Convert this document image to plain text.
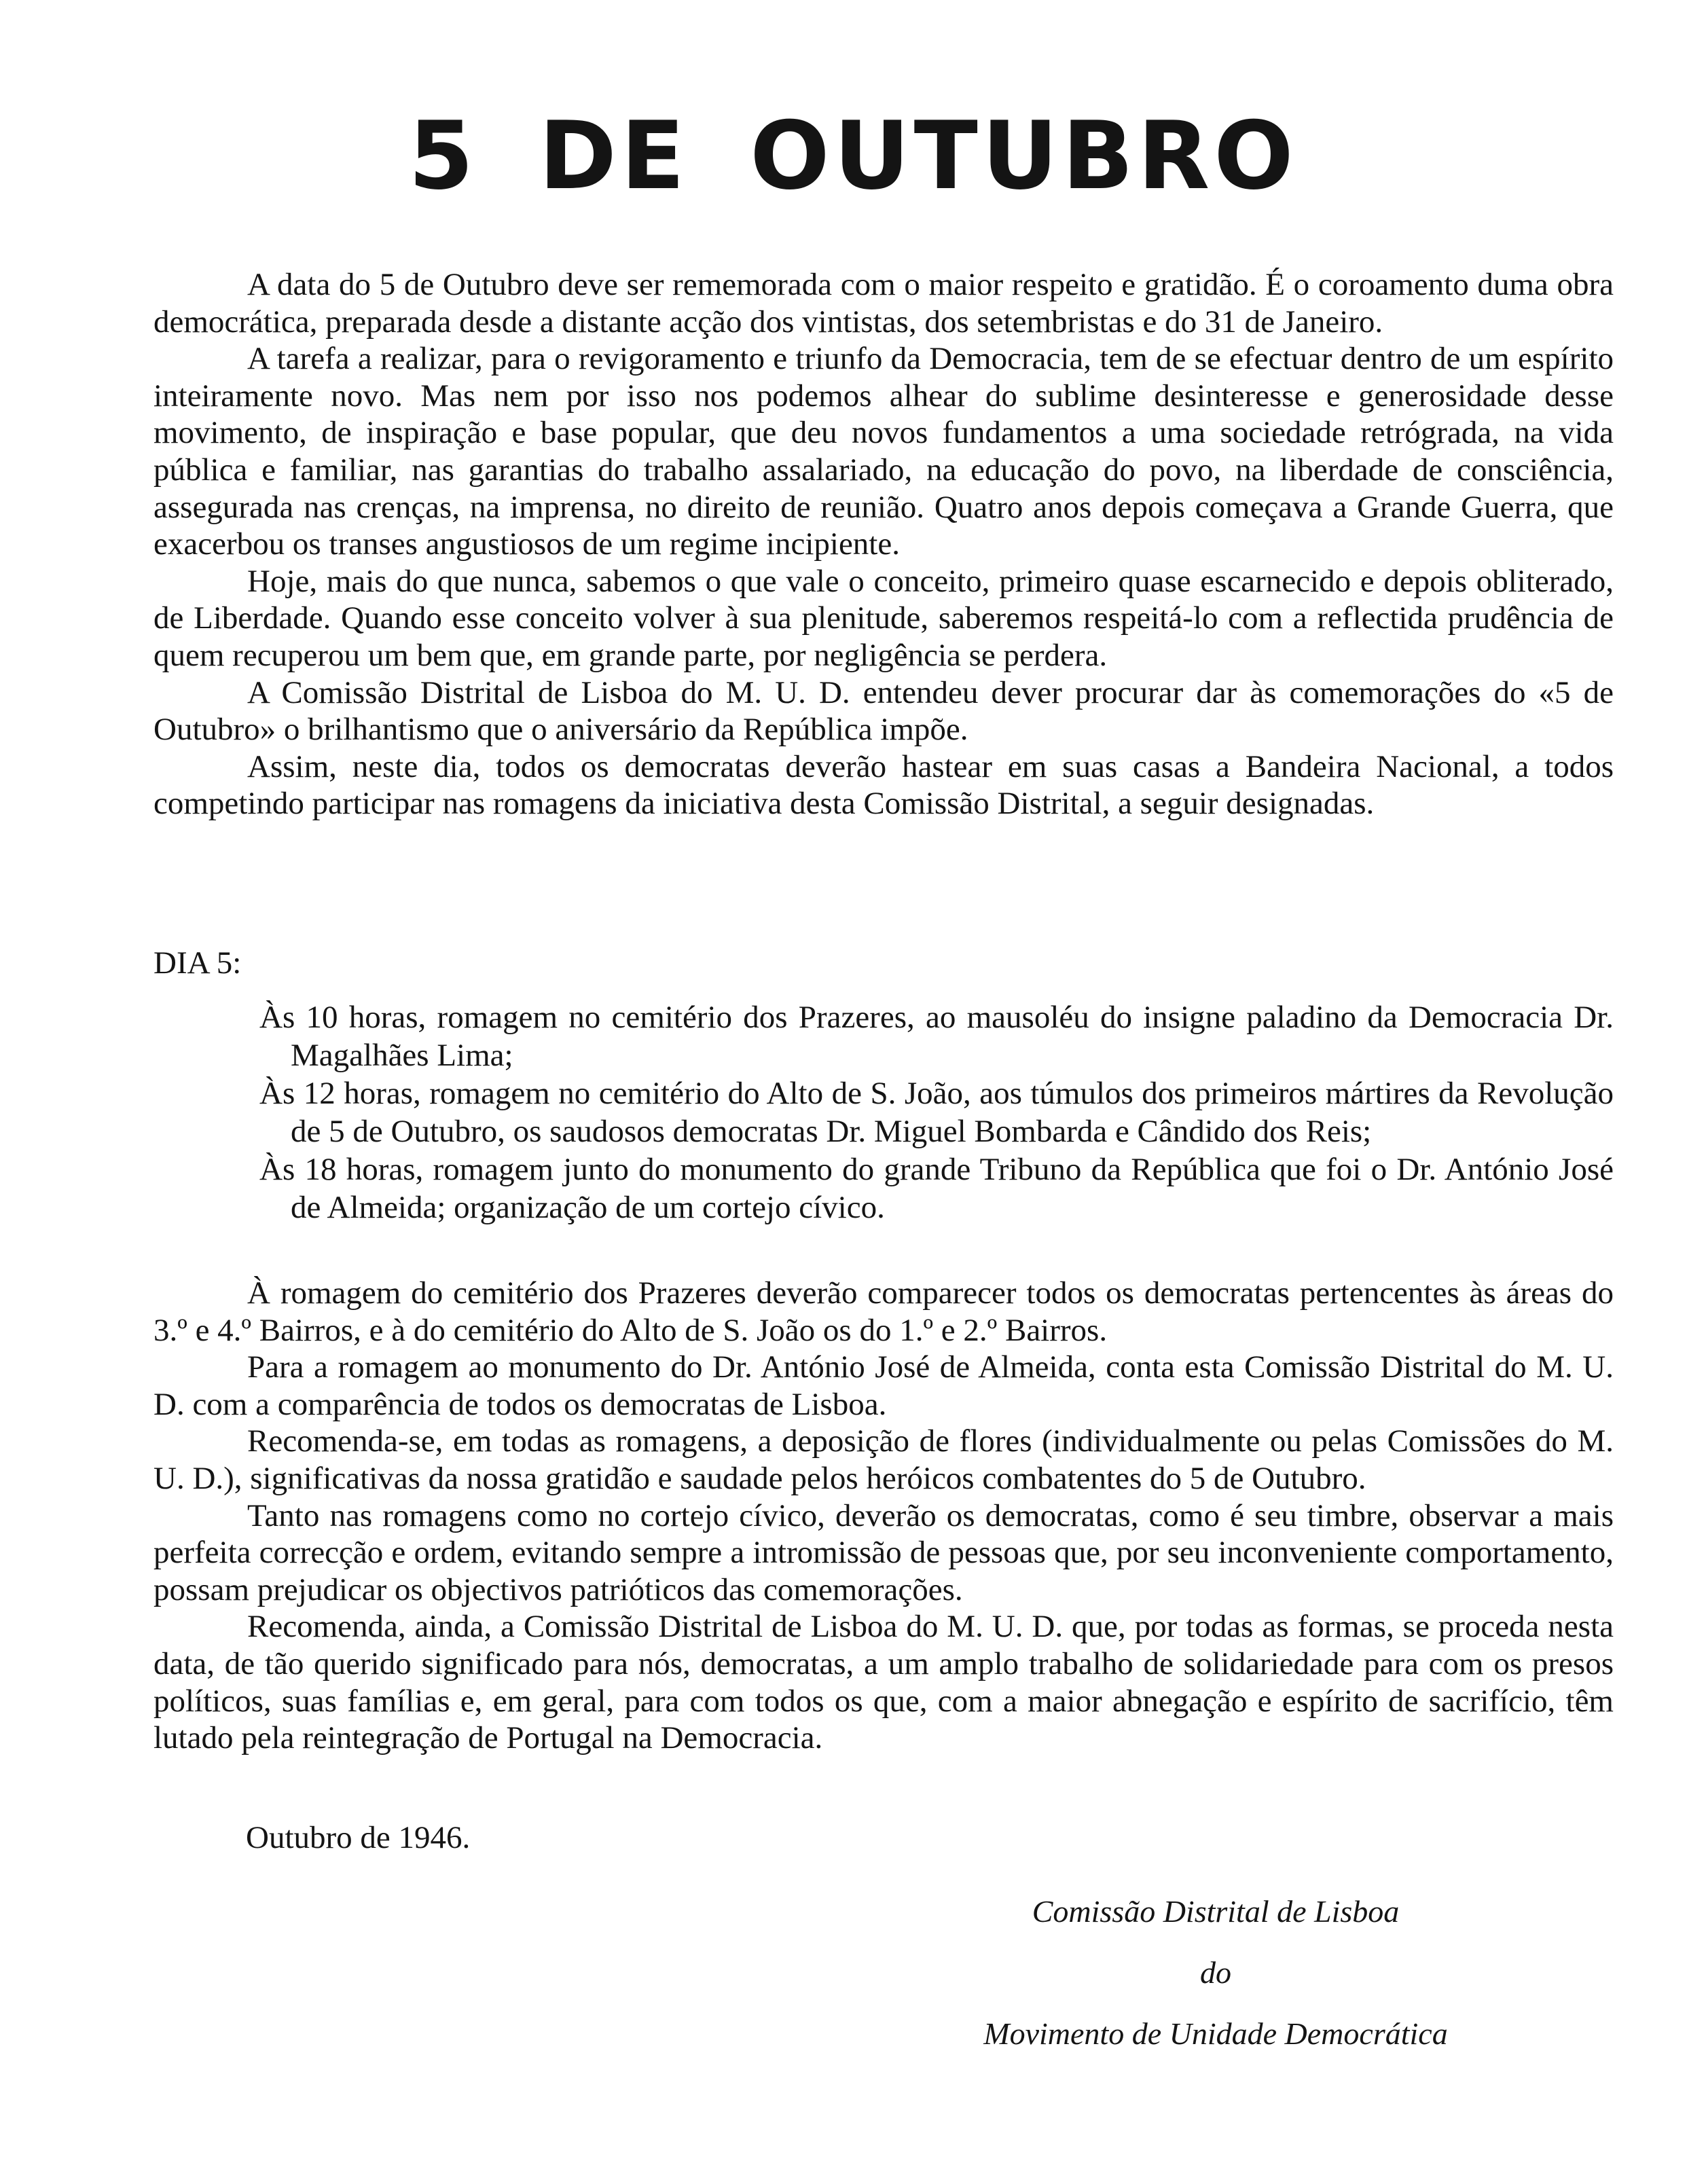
5 DE OUTUBRO

A data do 5 de Outubro deve ser rememorada com o maior respeito e gratidão. É o coroamento duma obra democrática, preparada desde a distante acção dos vintistas, dos setembristas e do 31 de Janeiro.

A tarefa a realizar, para o revigoramento e triunfo da Democracia, tem de se efectuar dentro de um espírito inteiramente novo. Mas nem por isso nos podemos alhear do sublime desinteresse e generosidade desse movimento, de inspiração e base popular, que deu novos fundamentos a uma sociedade retrógrada, na vida pública e familiar, nas garantias do trabalho assalariado, na educação do povo, na liberdade de consciência, assegurada nas crenças, na imprensa, no direito de reunião. Quatro anos depois começava a Grande Guerra, que exacerbou os transes angustiosos de um regime incipiente.

Hoje, mais do que nunca, sabemos o que vale o conceito, primeiro quase escarnecido e depois obliterado, de Liberdade. Quando esse conceito volver à sua plenitude, saberemos respeitá-lo com a reflectida prudência de quem recuperou um bem que, em grande parte, por negligência se perdera.

A Comissão Distrital de Lisboa do M. U. D. entendeu dever procurar dar às comemorações do «5 de Outubro» o brilhantismo que o aniversário da República impõe.

Assim, neste dia, todos os democratas deverão hastear em suas casas a Bandeira Nacional, a todos competindo participar nas romagens da iniciativa desta Comissão Distrital, a seguir designadas.

DIA 5:

Às 10 horas, romagem no cemitério dos Prazeres, ao mausoléu do insigne paladino da Democracia Dr. Magalhães Lima;

Às 12 horas, romagem no cemitério do Alto de S. João, aos túmulos dos primeiros mártires da Revolução de 5 de Outubro, os saudosos democratas Dr. Miguel Bombarda e Cândido dos Reis;

Às 18 horas, romagem junto do monumento do grande Tribuno da República que foi o Dr. António José de Almeida; organização de um cortejo cívico.

À romagem do cemitério dos Prazeres deverão comparecer todos os democratas pertencentes às áreas do 3.º e 4.º Bairros, e à do cemitério do Alto de S. João os do 1.º e 2.º Bairros.

Para a romagem ao monumento do Dr. António José de Almeida, conta esta Comissão Distrital do M. U. D. com a comparência de todos os democratas de Lisboa.

Recomenda-se, em todas as romagens, a deposição de flores (individualmente ou pelas Comissões do M. U. D.), significativas da nossa gratidão e saudade pelos heróicos combatentes do 5 de Outubro.

Tanto nas romagens como no cortejo cívico, deverão os democratas, como é seu timbre, observar a mais perfeita correcção e ordem, evitando sempre a intromissão de pessoas que, por seu inconveniente comportamento, possam prejudicar os objectivos patrióticos das comemorações.

Recomenda, ainda, a Comissão Distrital de Lisboa do M. U. D. que, por todas as formas, se proceda nesta data, de tão querido significado para nós, democratas, a um amplo trabalho de solidariedade para com os presos políticos, suas famílias e, em geral, para com todos os que, com a maior abnegação e espírito de sacrifício, têm lutado pela reintegração de Portugal na Democracia.

Outubro de 1946.

Comissão Distrital de Lisboa

do

Movimento de Unidade Democrática
